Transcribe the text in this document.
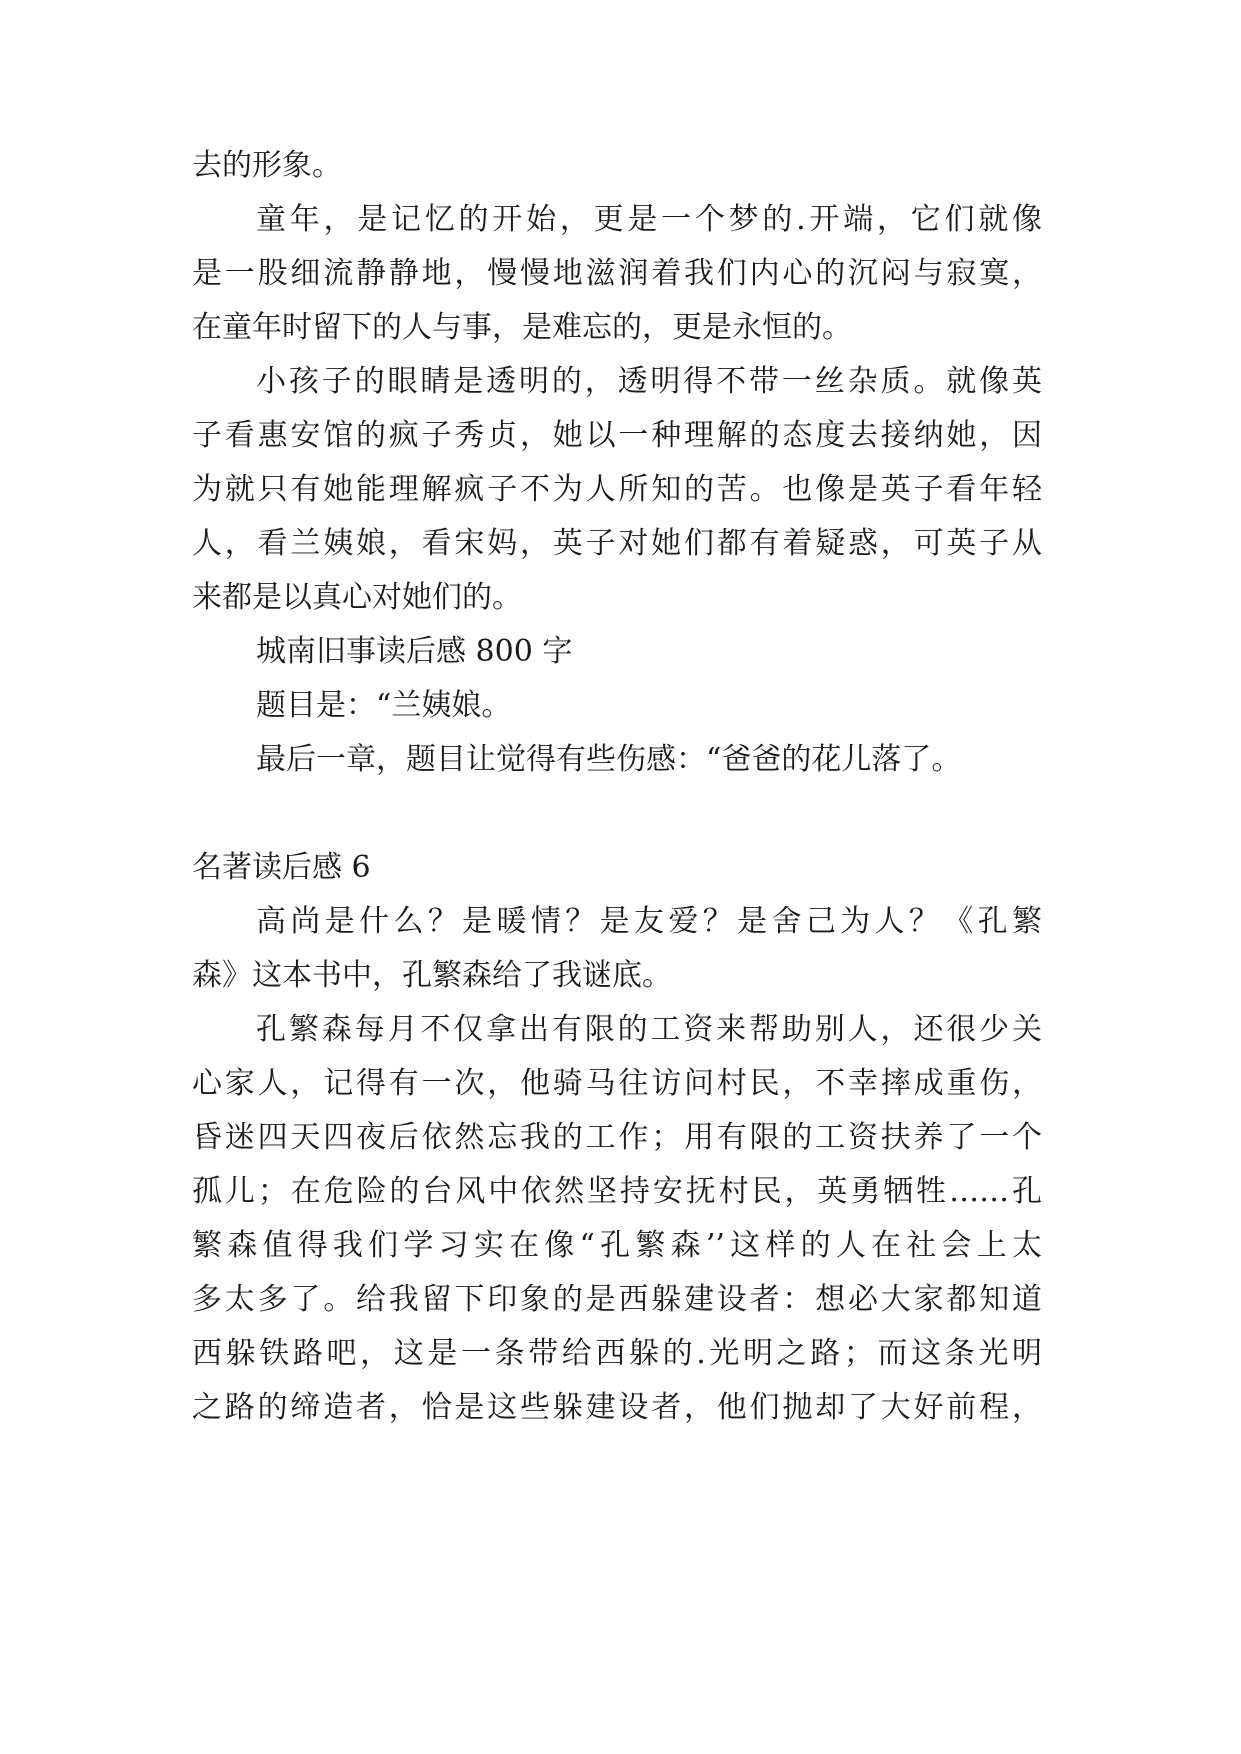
去的形象。
童年，是记忆的开始，更是一个梦的.开端，它们就像
是一股细流静静地，慢慢地滋润着我们内心的沉闷与寂寞，
在童年时留下的人与事，是难忘的，更是永恒的。
小孩子的眼睛是透明的，透明得不带一丝杂质。就像英
子看惠安馆的疯子秀贞，她以一种理解的态度去接纳她，因
为就只有她能理解疯子不为人所知的苦。也像是英子看年轻
人，看兰姨娘，看宋妈，英子对她们都有着疑惑，可英子从
来都是以真心对她们的。
城南旧事读后感 800 字
题目是：“兰姨娘。
最后一章，题目让觉得有些伤感：“爸爸的花儿落了。
名著读后感 6
高尚是什么？是暖情？是友爱？是舍己为人？《孔繁
森》这本书中，孔繁森给了我谜底。
孔繁森每月不仅拿出有限的工资来帮助别人，还很少关
心家人，记得有一次，他骑马往访问村民，不幸摔成重伤，
昏迷四天四夜后依然忘我的工作；用有限的工资扶养了一个
孤儿；在危险的台风中依然坚持安抚村民，英勇牺牲……孔
繁森值得我们学习实在像“孔繁森’’这样的人在社会上太
多太多了。给我留下印象的是西躲建设者：想必大家都知道
西躲铁路吧，这是一条带给西躲的.光明之路；而这条光明
之路的缔造者，恰是这些躲建设者，他们抛却了大好前程，
